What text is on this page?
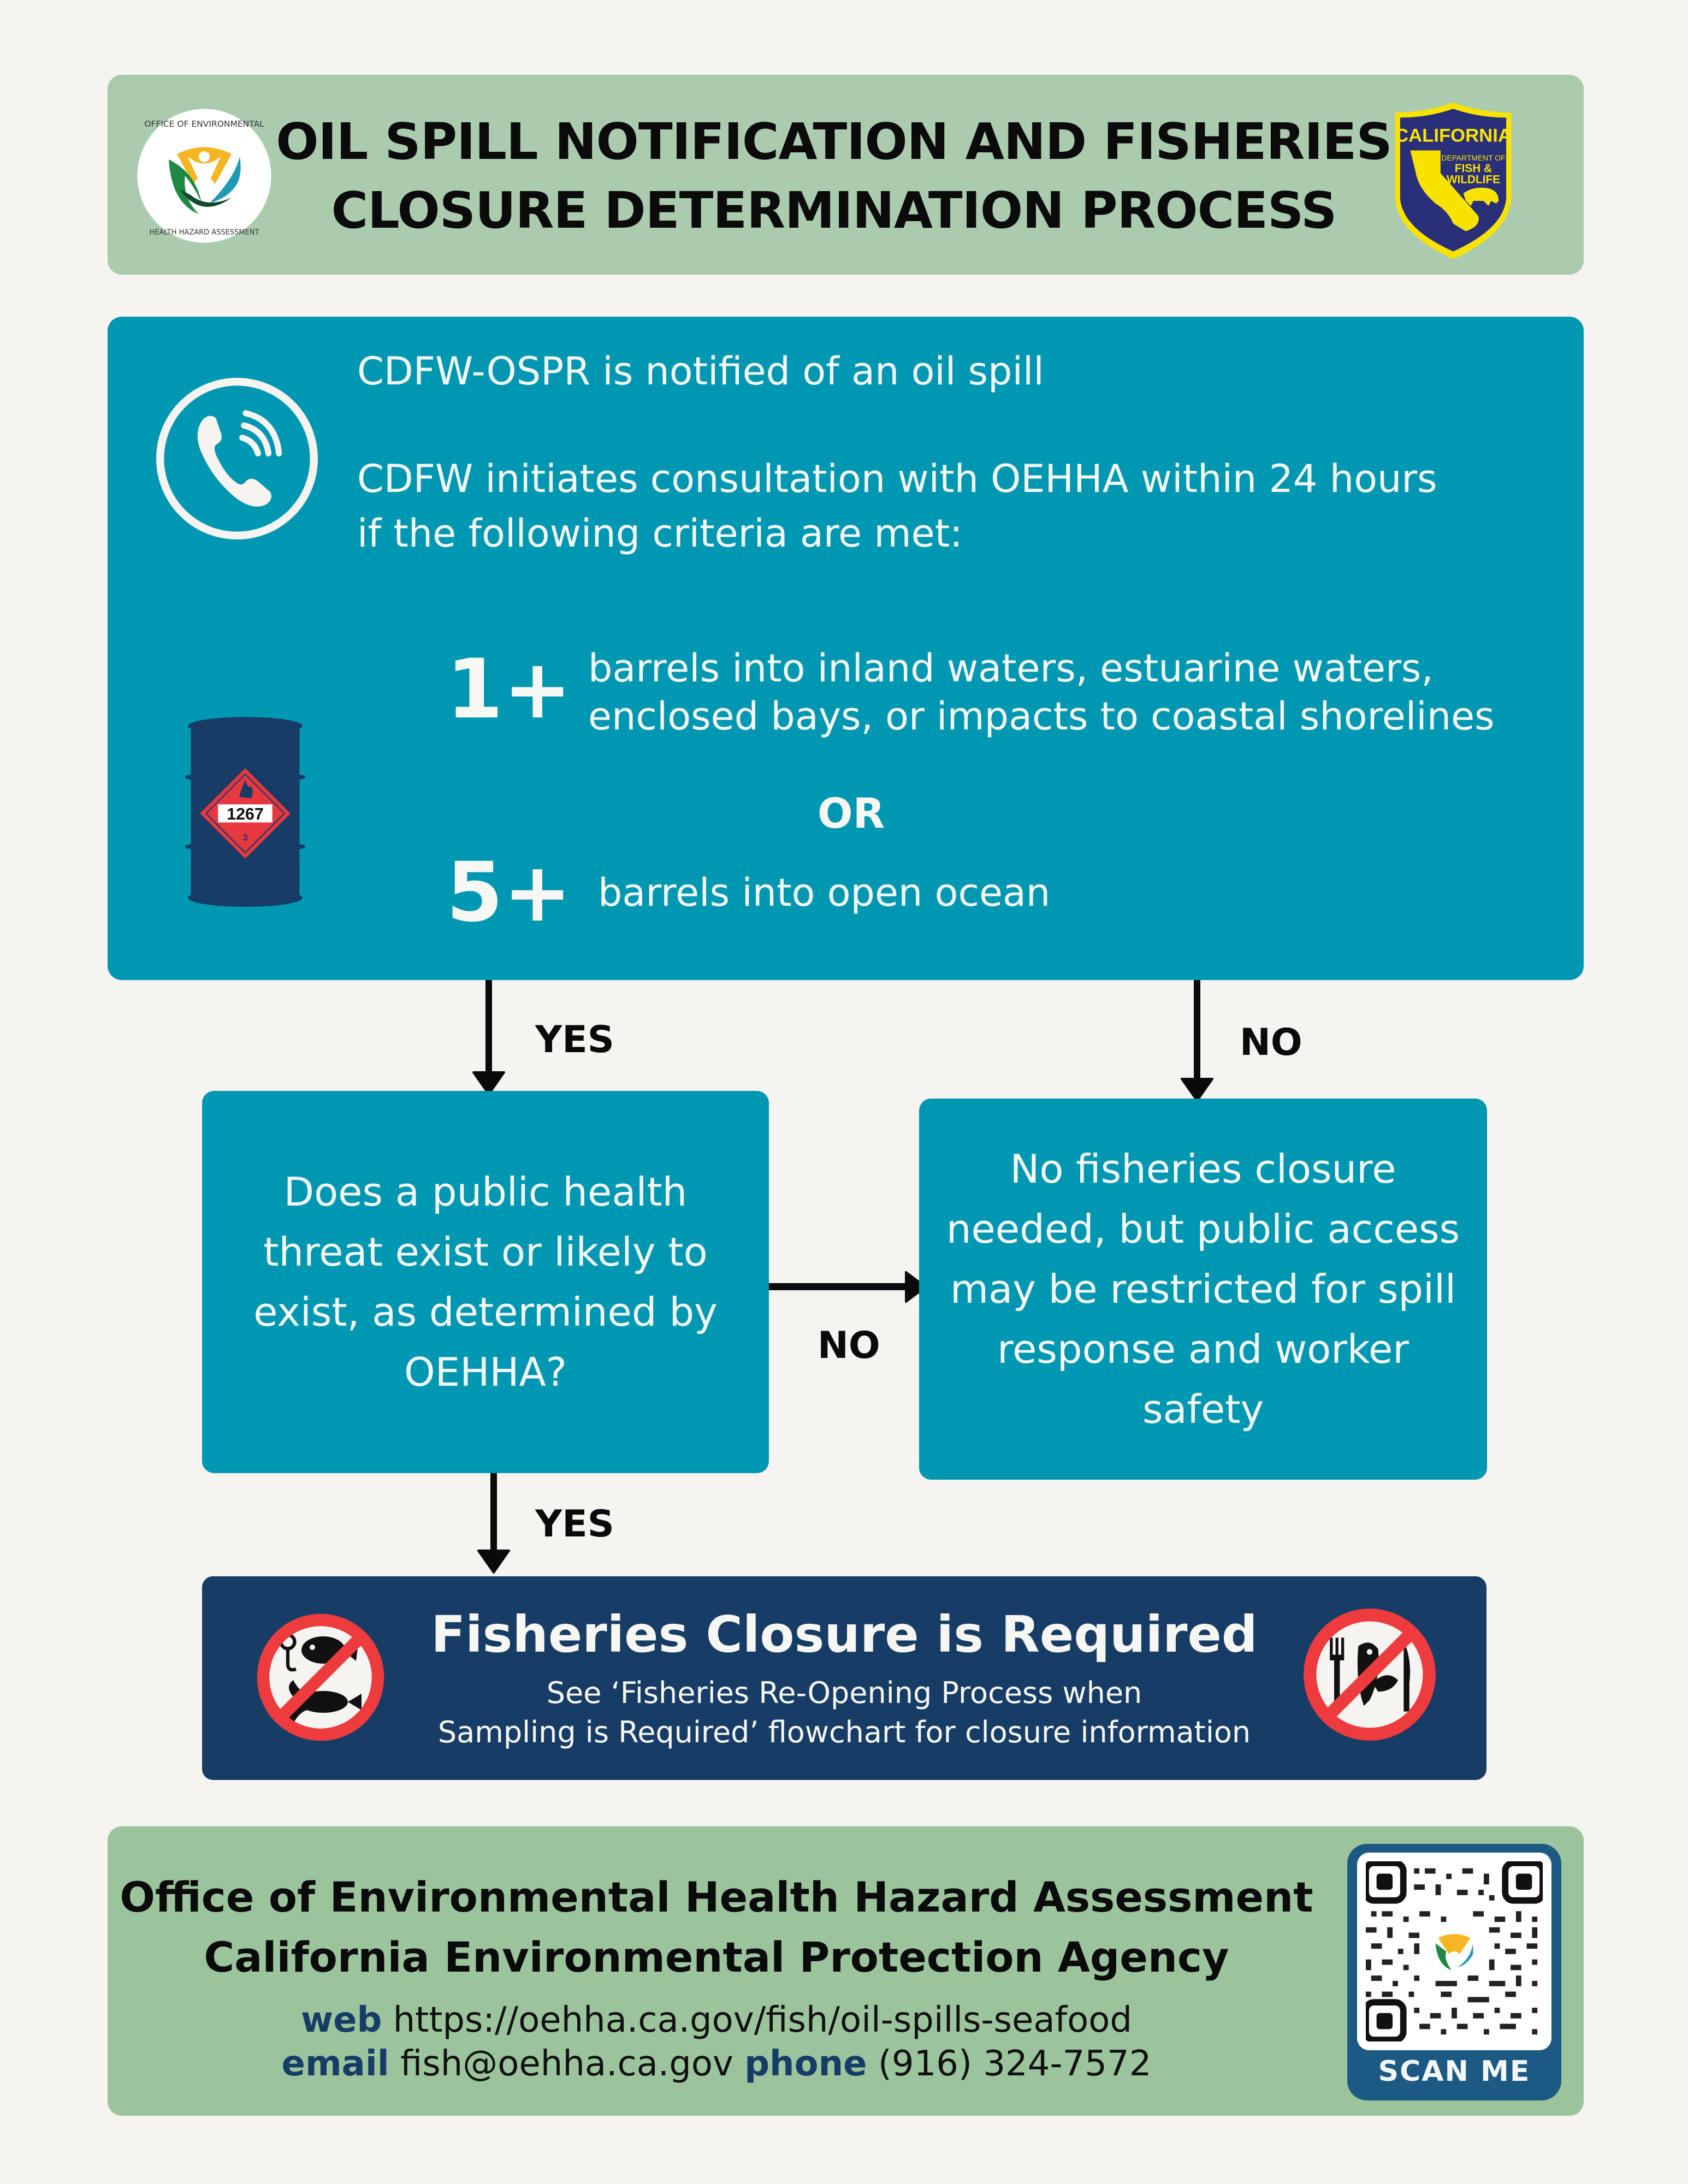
OFFICE OF ENVIRONMENTAL
HEALTH HAZARD ASSESSMENT
OIL SPILL NOTIFICATION AND FISHERIES
CLOSURE DETERMINATION PROCESS
CALIFORNIA
DEPARTMENT OF
FISH &
WILDLIFE
CDFW-OSPR is notified of an oil spill
CDFW initiates consultation with OEHHA within 24 hours if the following criteria are met:
1267
3
1+ barrels into inland waters, estuarine waters, enclosed bays, or impacts to coastal shorelines
OR
5+ barrels into open ocean
YES	NO
Does a public health threat exist or likely to exist, as determined by OEHHA?
NO
No fisheries closure needed, but public access may be restricted for spill response and worker safety
YES
Fisheries Closure is Required
See ‘Fisheries Re-Opening Process when
Sampling is Required’ flowchart for closure information
Office of Environmental Health Hazard Assessment
California Environmental Protection Agency
web https://oehha.ca.gov/fish/oil-spills-seafood
email fish@oehha.ca.gov phone (916) 324-7572	SCAN ME
